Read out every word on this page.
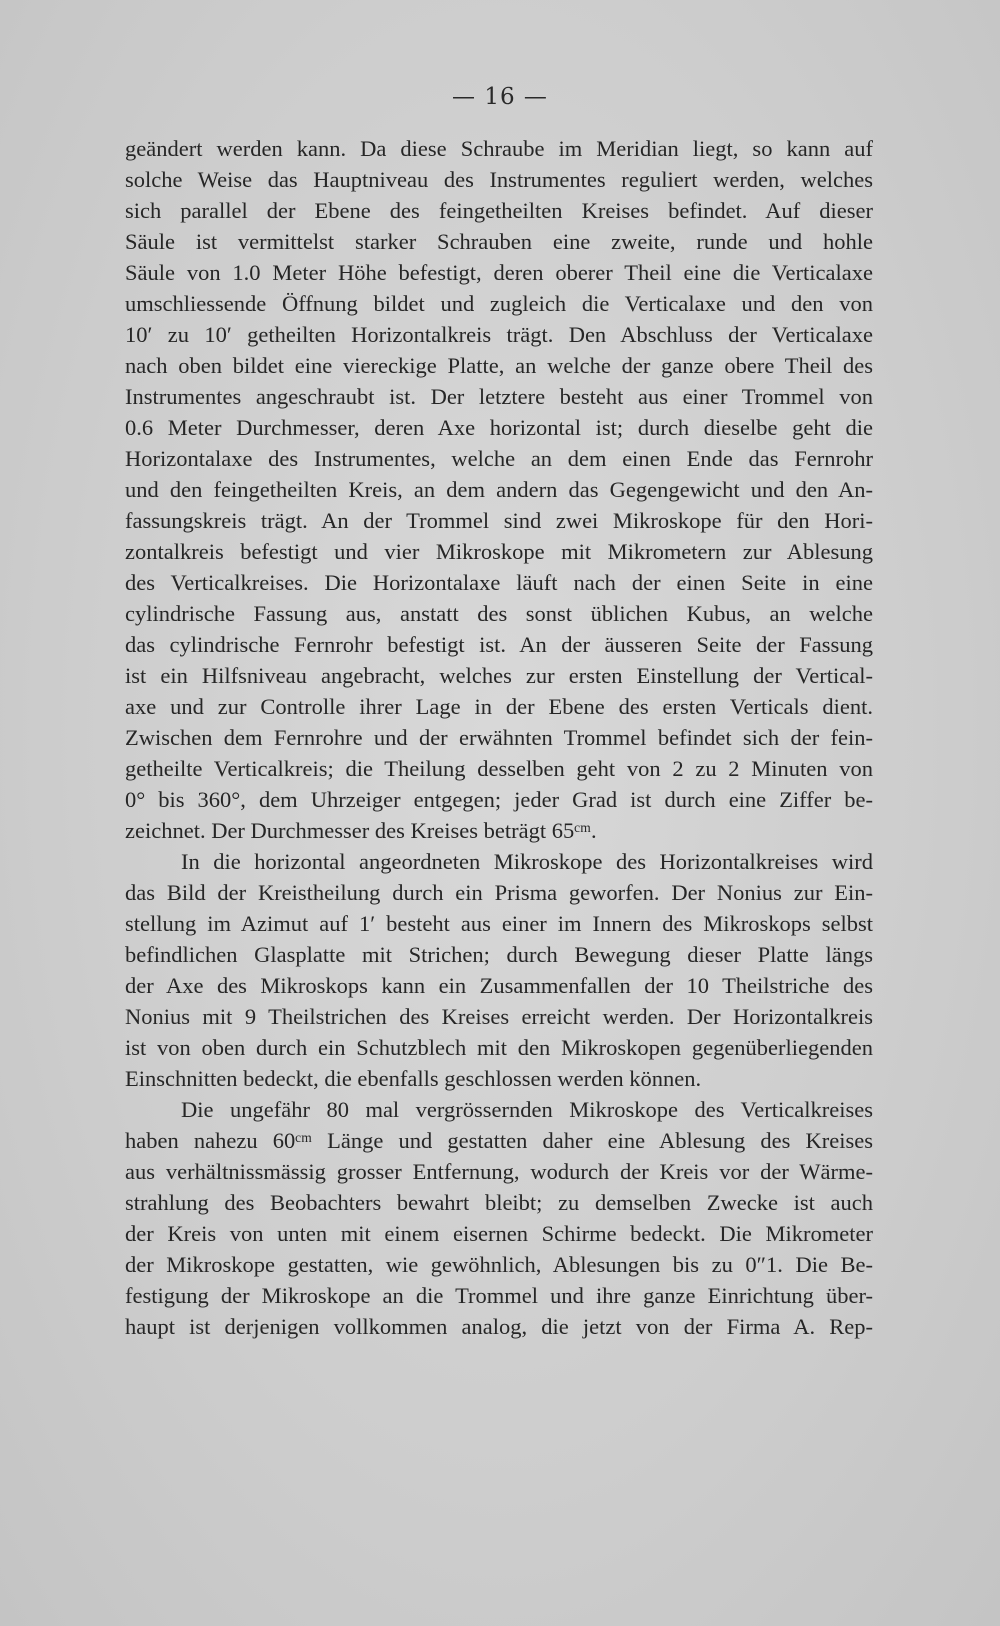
— 16 —
geändert werden kann. Da diese Schraube im Meridian liegt, so kann auf
solche Weise das Hauptniveau des Instrumentes reguliert werden, welches
sich parallel der Ebene des feingetheilten Kreises befindet. Auf dieser
Säule ist vermittelst starker Schrauben eine zweite, runde und hohle
Säule von 1.0 Meter Höhe befestigt, deren oberer Theil eine die Verticalaxe
umschliessende Öffnung bildet und zugleich die Verticalaxe und den von
10′ zu 10′ getheilten Horizontalkreis trägt. Den Abschluss der Verticalaxe
nach oben bildet eine viereckige Platte, an welche der ganze obere Theil des
Instrumentes angeschraubt ist. Der letztere besteht aus einer Trommel von
0.6 Meter Durchmesser, deren Axe horizontal ist; durch dieselbe geht die
Horizontalaxe des Instrumentes, welche an dem einen Ende das Fernrohr
und den feingetheilten Kreis, an dem andern das Gegengewicht und den An-
fassungskreis trägt. An der Trommel sind zwei Mikroskope für den Hori-
zontalkreis befestigt und vier Mikroskope mit Mikrometern zur Ablesung
des Verticalkreises. Die Horizontalaxe läuft nach der einen Seite in eine
cylindrische Fassung aus, anstatt des sonst üblichen Kubus, an welche
das cylindrische Fernrohr befestigt ist. An der äusseren Seite der Fassung
ist ein Hilfsniveau angebracht, welches zur ersten Einstellung der Vertical-
axe und zur Controlle ihrer Lage in der Ebene des ersten Verticals dient.
Zwischen dem Fernrohre und der erwähnten Trommel befindet sich der fein-
getheilte Verticalkreis; die Theilung desselben geht von 2 zu 2 Minuten von
0° bis 360°, dem Uhrzeiger entgegen; jeder Grad ist durch eine Ziffer be-
zeichnet. Der Durchmesser des Kreises beträgt 65ᶜᵐ.
In die horizontal angeordneten Mikroskope des Horizontalkreises wird
das Bild der Kreistheilung durch ein Prisma geworfen. Der Nonius zur Ein-
stellung im Azimut auf 1′ besteht aus einer im Innern des Mikroskops selbst
befindlichen Glasplatte mit Strichen; durch Bewegung dieser Platte längs
der Axe des Mikroskops kann ein Zusammenfallen der 10 Theilstriche des
Nonius mit 9 Theilstrichen des Kreises erreicht werden. Der Horizontalkreis
ist von oben durch ein Schutzblech mit den Mikroskopen gegenüberliegenden
Einschnitten bedeckt, die ebenfalls geschlossen werden können.
Die ungefähr 80 mal vergrössernden Mikroskope des Verticalkreises
haben nahezu 60ᶜᵐ Länge und gestatten daher eine Ablesung des Kreises
aus verhältnissmässig grosser Entfernung, wodurch der Kreis vor der Wärme-
strahlung des Beobachters bewahrt bleibt; zu demselben Zwecke ist auch
der Kreis von unten mit einem eisernen Schirme bedeckt. Die Mikrometer
der Mikroskope gestatten, wie gewöhnlich, Ablesungen bis zu 0″1. Die Be-
festigung der Mikroskope an die Trommel und ihre ganze Einrichtung über-
haupt ist derjenigen vollkommen analog, die jetzt von der Firma A. Rep-
